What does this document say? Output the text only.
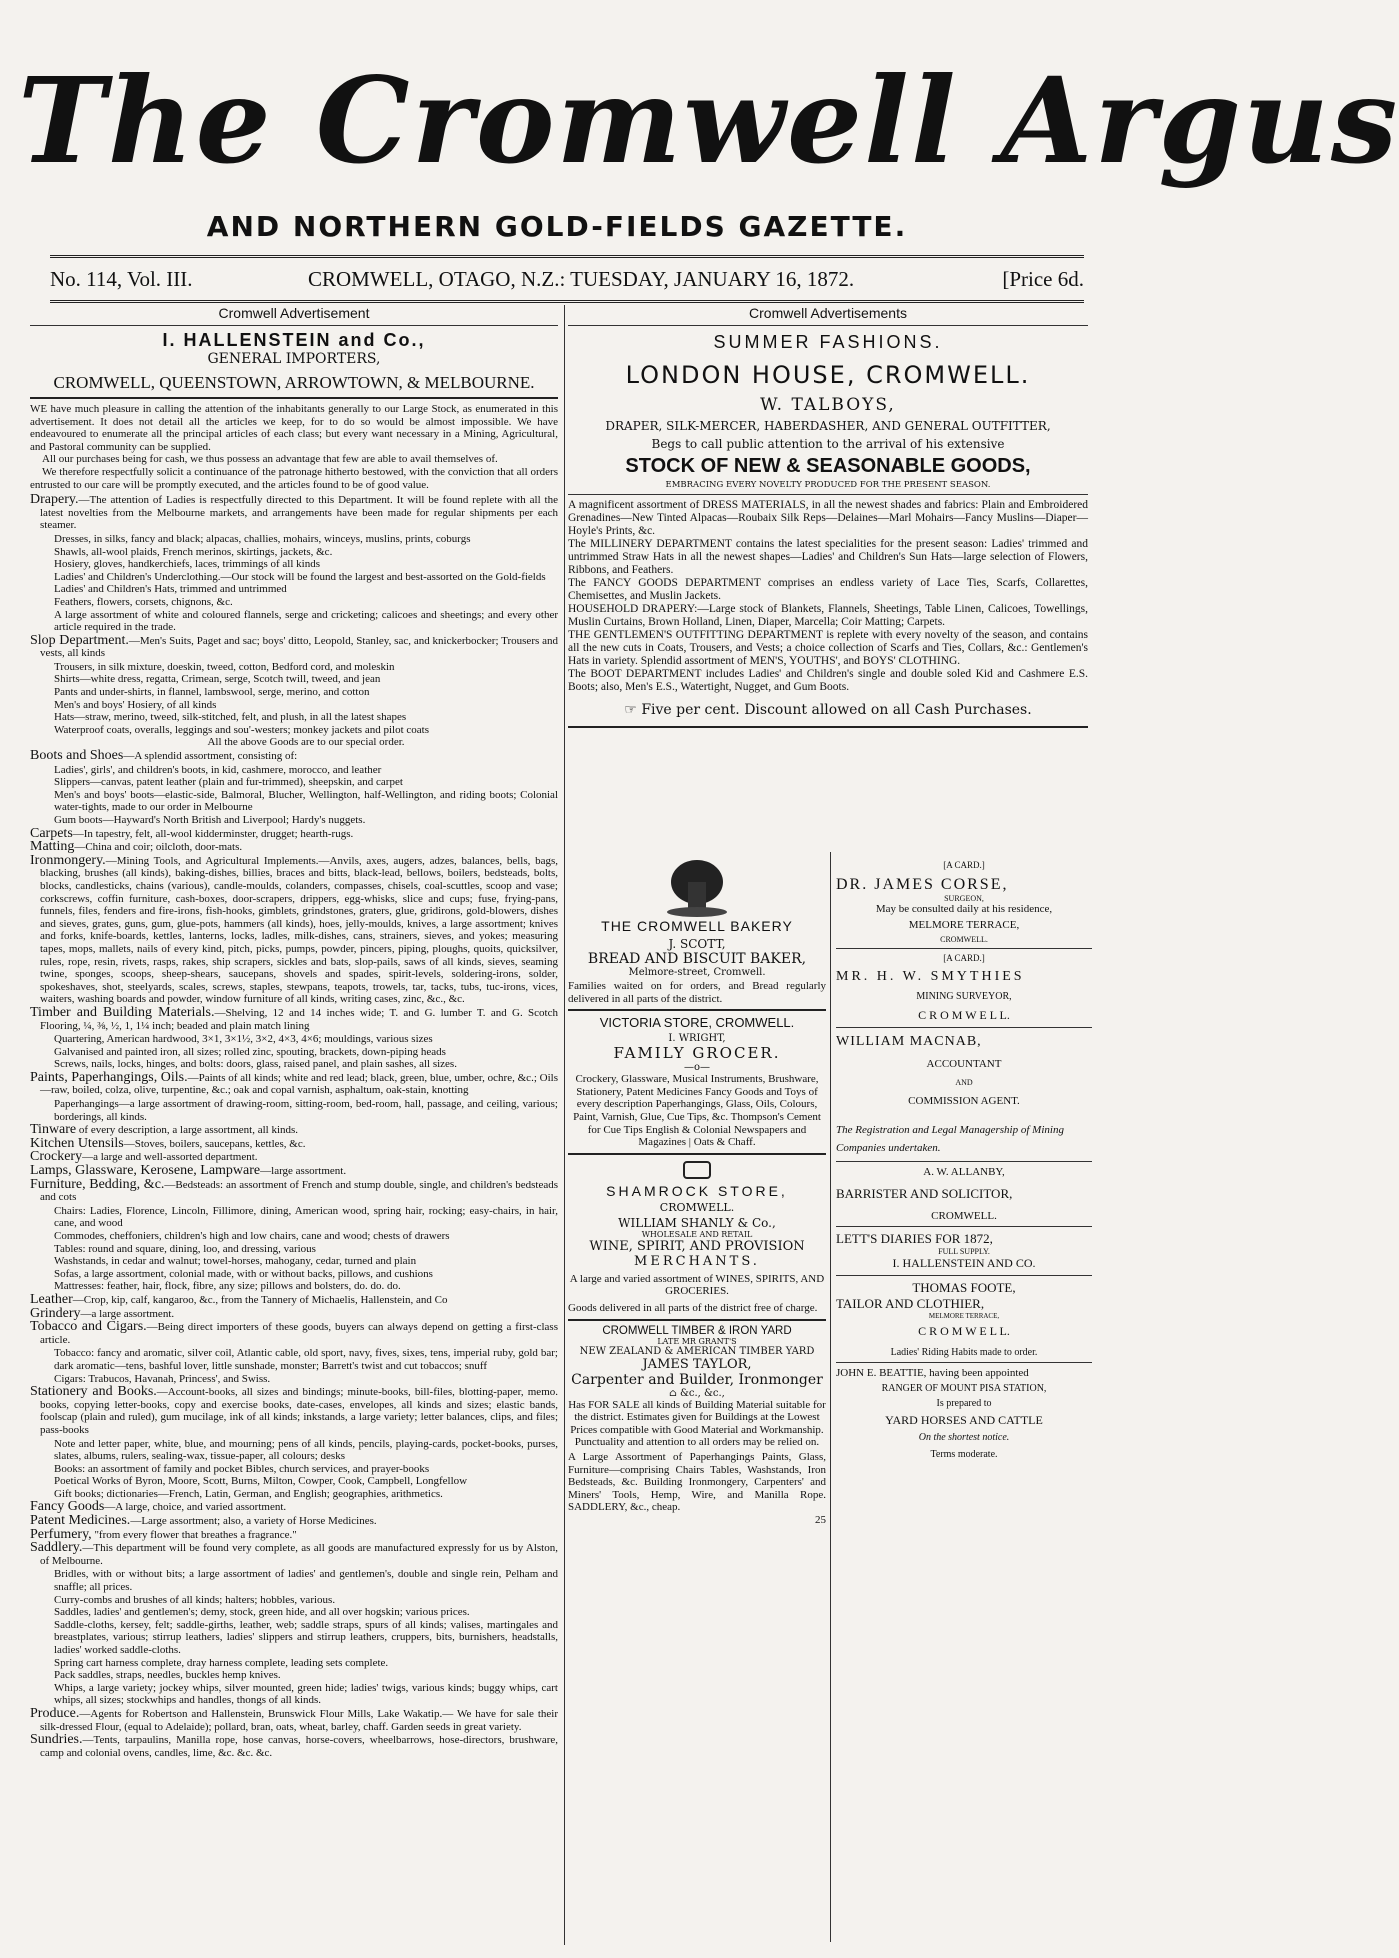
The Cromwell Argus
AND NORTHERN GOLD-FIELDS GAZETTE.
No. 114, Vol. III.	CROMWELL, OTAGO, N.Z.: TUESDAY, JANUARY 16, 1872.	[Price 6d.
Cromwell Advertisement
I. HALLENSTEIN and Co.,
GENERAL IMPORTERS,
CROMWELL, QUEENSTOWN, ARROWTOWN, & MELBOURNE.

WE have much pleasure in calling the attention of the inhabitants generally to our Large Stock, as enumerated in this advertisement. It does not detail all the articles we keep, for to do so would be almost impossible. We have endeavoured to enumerate all the principal articles of each class; but every want necessary in a Mining, Agricultural, and Pastoral community can be supplied.

All our purchases being for cash, we thus possess an advantage that few are able to avail themselves of.

We therefore respectfully solicit a continuance of the patronage hitherto bestowed, with the conviction that all orders entrusted to our care will be promptly executed, and the articles found to be of good value.

Drapery.—The attention of Ladies is respectfully directed to this Department. It will be found replete with all the latest novelties from the Melbourne markets, and arrangements have been made for regular shipments per each steamer.

Dresses, in silks, fancy and black; alpacas, challies, mohairs, winceys, muslins, prints, coburgs

Shawls, all-wool plaids, French merinos, skirtings, jackets, &c.

Hosiery, gloves, handkerchiefs, laces, trimmings of all kinds

Ladies' and Children's Underclothing.—Our stock will be found the largest and best-assorted on the Gold-fields

Ladies' and Children's Hats, trimmed and untrimmed

Feathers, flowers, corsets, chignons, &c.

A large assortment of white and coloured flannels, serge and cricketing; calicoes and sheetings; and every other article required in the trade.

Slop Department.—Men's Suits, Paget and sac; boys' ditto, Leopold, Stanley, sac, and knickerbocker; Trousers and vests, all kinds

Trousers, in silk mixture, doeskin, tweed, cotton, Bedford cord, and moleskin

Shirts—white dress, regatta, Crimean, serge, Scotch twill, tweed, and jean

Pants and under-shirts, in flannel, lambswool, serge, merino, and cotton

Men's and boys' Hosiery, of all kinds

Hats—straw, merino, tweed, silk-stitched, felt, and plush, in all the latest shapes

Waterproof coats, overalls, leggings and sou'-westers; monkey jackets and pilot coats

All the above Goods are to our special order.

Boots and Shoes—A splendid assortment, consisting of:

Ladies', girls', and children's boots, in kid, cashmere, morocco, and leather

Slippers—canvas, patent leather (plain and fur-trimmed), sheepskin, and carpet

Men's and boys' boots—elastic-side, Balmoral, Blucher, Wellington, half-Wellington, and riding boots; Colonial water-tights, made to our order in Melbourne

Gum boots—Hayward's North British and Liverpool; Hardy's nuggets.

Carpets—In tapestry, felt, all-wool kidderminster, drugget; hearth-rugs.

Matting—China and coir; oilcloth, door-mats.

Ironmongery.—Mining Tools, and Agricultural Implements.—Anvils, axes, augers, adzes, balances, bells, bags, blacking, brushes (all kinds), baking-dishes, billies, braces and bitts, black-lead, bellows, boilers, bedsteads, bolts, blocks, candlesticks, chains (various), candle-moulds, colanders, compasses, chisels, coal-scuttles, scoop and vase; corkscrews, coffin furniture, cash-boxes, door-scrapers, drippers, egg-whisks, slice and cups; fuse, frying-pans, funnels, files, fenders and fire-irons, fish-hooks, gimblets, grindstones, graters, glue, gridirons, gold-blowers, dishes and sieves, grates, guns, gum, glue-pots, hammers (all kinds), hoes, jelly-moulds, knives, a large assortment; knives and forks, knife-boards, kettles, lanterns, locks, ladles, milk-dishes, cans, strainers, sieves, and yokes; measuring tapes, mops, mallets, nails of every kind, pitch, picks, pumps, powder, pincers, piping, ploughs, quoits, quicksilver, rules, rope, resin, rivets, rasps, rakes, ship scrapers, sickles and bats, slop-pails, saws of all kinds, sieves, seaming twine, sponges, scoops, sheep-shears, saucepans, shovels and spades, spirit-levels, soldering-irons, solder, spokeshaves, shot, steelyards, scales, screws, staples, stewpans, teapots, trowels, tar, tacks, tubs, tuc-irons, vices, waiters, washing boards and powder, window furniture of all kinds, writing cases, zinc, &c., &c.

Timber and Building Materials.—Shelving, 12 and 14 inches wide; T. and G. lumber T. and G. Scotch Flooring, ¼, ⅜, ½, 1, 1¼ inch; beaded and plain match lining

Quartering, American hardwood, 3×1, 3×1½, 3×2, 4×3, 4×6; mouldings, various sizes

Galvanised and painted iron, all sizes; rolled zinc, spouting, brackets, down-piping heads

Screws, nails, locks, hinges, and bolts: doors, glass, raised panel, and plain sashes, all sizes.

Paints, Paperhangings, Oils.—Paints of all kinds; white and red lead; black, green, blue, umber, ochre, &c.; Oils—raw, boiled, colza, olive, turpentine, &c.; oak and copal varnish, asphaltum, oak-stain, knotting

Paperhangings—a large assortment of drawing-room, sitting-room, bed-room, hall, passage, and ceiling, various; borderings, all kinds.

Tinware of every description, a large assortment, all kinds.

Kitchen Utensils—Stoves, boilers, saucepans, kettles, &c.

Crockery—a large and well-assorted department.

Lamps, Glassware, Kerosene, Lampware—large assortment.

Furniture, Bedding, &c.—Bedsteads: an assortment of French and stump double, single, and children's bedsteads and cots

Chairs: Ladies, Florence, Lincoln, Fillimore, dining, American wood, spring hair, rocking; easy-chairs, in hair, cane, and wood

Commodes, cheffoniers, children's high and low chairs, cane and wood; chests of drawers

Tables: round and square, dining, loo, and dressing, various

Washstands, in cedar and walnut; towel-horses, mahogany, cedar, turned and plain

Sofas, a large assortment, colonial made, with or without backs, pillows, and cushions

Mattresses: feather, hair, flock, fibre, any size; pillows and bolsters, do. do. do.

Leather—Crop, kip, calf, kangaroo, &c., from the Tannery of Michaelis, Hallenstein, and Co

Grindery—a large assortment.

Tobacco and Cigars.—Being direct importers of these goods, buyers can always depend on getting a first-class article.

Tobacco: fancy and aromatic, silver coil, Atlantic cable, old sport, navy, fives, sixes, tens, imperial ruby, gold bar; dark aromatic—tens, bashful lover, little sunshade, monster; Barrett's twist and cut tobaccos; snuff

Cigars: Trabucos, Havanah, Princess', and Swiss.

Stationery and Books.—Account-books, all sizes and bindings; minute-books, bill-files, blotting-paper, memo. books, copying letter-books, copy and exercise books, date-cases, envelopes, all kinds and sizes; elastic bands, foolscap (plain and ruled), gum mucilage, ink of all kinds; inkstands, a large variety; letter balances, clips, and files; pass-books

Note and letter paper, white, blue, and mourning; pens of all kinds, pencils, playing-cards, pocket-books, purses, slates, albums, rulers, sealing-wax, tissue-paper, all colours; desks

Books: an assortment of family and pocket Bibles, church services, and prayer-books

Poetical Works of Byron, Moore, Scott, Burns, Milton, Cowper, Cook, Campbell, Longfellow

Gift books; dictionaries—French, Latin, German, and English; geographies, arithmetics.

Fancy Goods—A large, choice, and varied assortment.

Patent Medicines.—Large assortment; also, a variety of Horse Medicines.

Perfumery, "from every flower that breathes a fragrance."

Saddlery.—This department will be found very complete, as all goods are manufactured expressly for us by Alston, of Melbourne.

Bridles, with or without bits; a large assortment of ladies' and gentlemen's, double and single rein, Pelham and snaffle; all prices.

Curry-combs and brushes of all kinds; halters; hobbles, various.

Saddles, ladies' and gentlemen's; demy, stock, green hide, and all over hogskin; various prices.

Saddle-cloths, kersey, felt; saddle-girths, leather, web; saddle straps, spurs of all kinds; valises, martingales and breastplates, various; stirrup leathers, ladies' slippers and stirrup leathers, cruppers, bits, burnishers, headstalls, ladies' worked saddle-cloths.

Spring cart harness complete, dray harness complete, leading sets complete.

Pack saddles, straps, needles, buckles hemp knives.

Whips, a large variety; jockey whips, silver mounted, green hide; ladies' twigs, various kinds; buggy whips, cart whips, all sizes; stockwhips and handles, thongs of all kinds.

Produce.—Agents for Robertson and Hallenstein, Brunswick Flour Mills, Lake Wakatip.— We have for sale their silk-dressed Flour, (equal to Adelaide); pollard, bran, oats, wheat, barley, chaff. Garden seeds in great variety.

Sundries.—Tents, tarpaulins, Manilla rope, hose canvas, horse-covers, wheelbarrows, hose-directors, brushware, camp and colonial ovens, candles, lime, &c. &c. &c.

Cromwell Advertisements
SUMMER FASHIONS.
LONDON HOUSE, CROMWELL.
W. TALBOYS,
DRAPER, SILK-MERCER, HABERDASHER, AND GENERAL OUTFITTER,
Begs to call public attention to the arrival of his extensive
STOCK OF NEW & SEASONABLE GOODS,
EMBRACING EVERY NOVELTY PRODUCED FOR THE PRESENT SEASON.

A magnificent assortment of DRESS MATERIALS, in all the newest shades and fabrics: Plain and Embroidered Grenadines—New Tinted Alpacas—Roubaix Silk Reps—Delaines—Marl Mohairs—Fancy Muslins—Diaper—Hoyle's Prints, &c.

The MILLINERY DEPARTMENT contains the latest specialities for the present season: Ladies' trimmed and untrimmed Straw Hats in all the newest shapes—Ladies' and Children's Sun Hats—large selection of Flowers, Ribbons, and Feathers.

The FANCY GOODS DEPARTMENT comprises an endless variety of Lace Ties, Scarfs, Collarettes, Chemisettes, and Muslin Jackets.

HOUSEHOLD DRAPERY:—Large stock of Blankets, Flannels, Sheetings, Table Linen, Calicoes, Towellings, Muslin Curtains, Brown Holland, Linen, Diaper, Marcella; Coir Matting; Carpets.

THE GENTLEMEN'S OUTFITTING DEPARTMENT is replete with every novelty of the season, and contains all the new cuts in Coats, Trousers, and Vests; a choice collection of Scarfs and Ties, Collars, &c.: Gentlemen's Hats in variety. Splendid assortment of MEN'S, YOUTHS', and BOYS' CLOTHING.

The BOOT DEPARTMENT includes Ladies' and Children's single and double soled Kid and Cashmere E.S. Boots; also, Men's E.S., Watertight, Nugget, and Gum Boots.

☞ Five per cent. Discount allowed on all Cash Purchases.
THE CROMWELL BAKERY
J. SCOTT,
BREAD AND BISCUIT BAKER,
Melmore-street, Cromwell.
Families waited on for orders, and Bread regularly delivered in all parts of the district.
VICTORIA STORE, CROMWELL.
I. WRIGHT,
FAMILY GROCER.
—o—
Crockery, Glassware, Musical Instruments, Brushware, Stationery, Patent Medicines Fancy Goods and Toys of every description Paperhangings, Glass, Oils, Colours, Paint, Varnish, Glue, Cue Tips, &c. Thompson's Cement for Cue Tips English & Colonial Newspapers and Magazines | Oats & Chaff.
SHAMROCK STORE,
CROMWELL.
WILLIAM SHANLY & Co.,
WHOLESALE AND RETAIL
WINE, SPIRIT, AND PROVISION
MERCHANTS.
A large and varied assortment of WINES, SPIRITS, AND GROCERIES.
Goods delivered in all parts of the district free of charge.
CROMWELL TIMBER & IRON YARD
LATE MR GRANT'S
NEW ZEALAND & AMERICAN TIMBER YARD
JAMES TAYLOR,
Carpenter and Builder, Ironmonger
⌂ &c., &c.,
Has FOR SALE all kinds of Building Material suitable for the district. Estimates given for Buildings at the Lowest Prices compatible with Good Material and Workmanship. Punctuality and attention to all orders may be relied on.
A Large Assortment of Paperhangings Paints, Glass, Furniture—comprising Chairs Tables, Washstands, Iron Bedsteads, &c. Building Ironmongery, Carpenters' and Miners' Tools, Hemp, Wire, and Manilla Rope. SADDLERY, &c., cheap.
25
[A CARD.]
DR. JAMES CORSE,
SURGEON,
May be consulted daily at his residence,
MELMORE TERRACE,
CROMWELL.
[A CARD.]
MR. H. W. SMYTHIES
MINING SURVEYOR,
C R O M W E L L.
WILLIAM MACNAB,
ACCOUNTANT
AND
COMMISSION AGENT.
The Registration and Legal Managership of Mining Companies undertaken.
A. W. ALLANBY,
BARRISTER AND SOLICITOR,
CROMWELL.
LETT'S DIARIES FOR 1872,
FULL SUPPLY.
I. HALLENSTEIN AND CO.
THOMAS FOOTE,
TAILOR AND CLOTHIER,
MELMORE TERRACE,
C R O M W E L L.
Ladies' Riding Habits made to order.
JOHN E. BEATTIE, having been appointed
RANGER OF MOUNT PISA STATION,
Is prepared to
YARD HORSES AND CATTLE
On the shortest notice.
Terms moderate.
